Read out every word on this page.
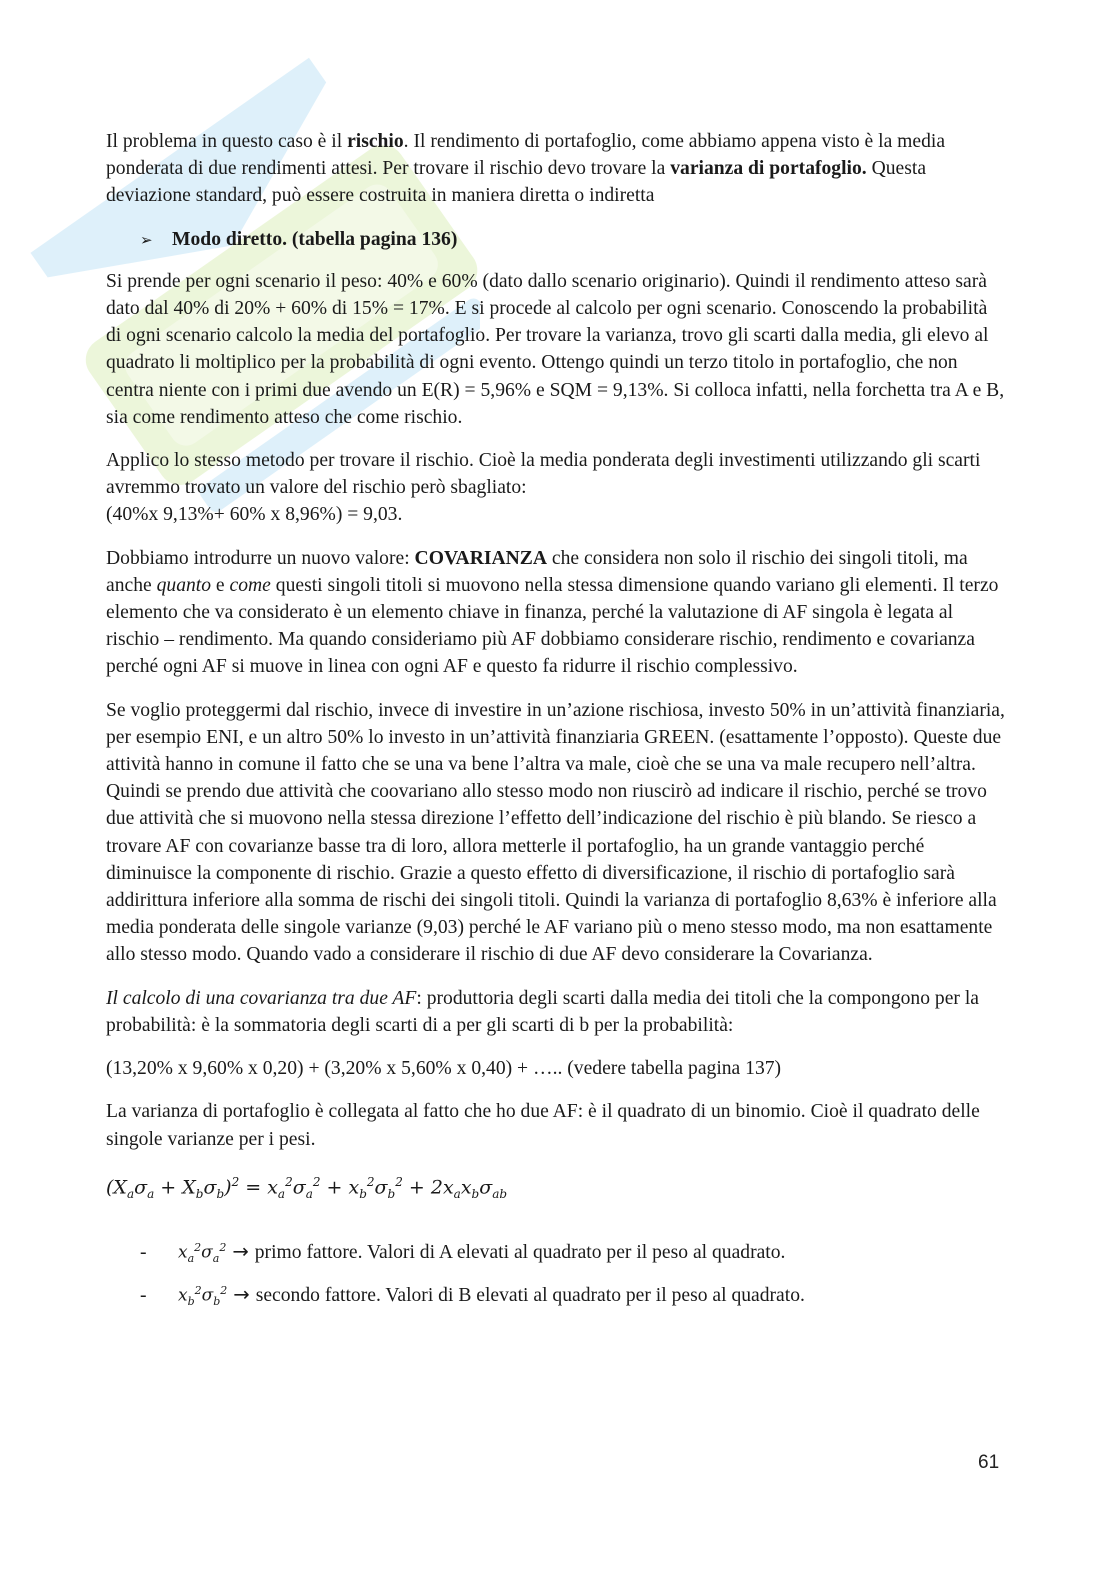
Il problema in questo caso è il rischio. Il rendimento di portafoglio, come abbiamo appena visto è la media ponderata di due rendimenti attesi. Per trovare il rischio devo trovare la varianza di portafoglio. Questa deviazione standard, può essere costruita in maniera diretta o indiretta

➢ Modo diretto. (tabella pagina 136)

Si prende per ogni scenario il peso: 40% e 60% (dato dallo scenario originario). Quindi il rendimento atteso sarà dato dal 40% di 20% + 60% di 15% = 17%. E si procede al calcolo per ogni scenario. Conoscendo la probabilità di ogni scenario calcolo la media del portafoglio. Per trovare la varianza, trovo gli scarti dalla media, gli elevo al quadrato li moltiplico per la probabilità di ogni evento. Ottengo quindi un terzo titolo in portafoglio, che non centra niente con i primi due avendo un E(R) = 5,96% e SQM = 9,13%. Si colloca infatti, nella forchetta tra A e B, sia come rendimento atteso che come rischio.

Applico lo stesso metodo per trovare il rischio. Cioè la media ponderata degli investimenti utilizzando gli scarti avremmo trovato un valore del rischio però sbagliato:
(40%x 9,13%+ 60% x 8,96%) = 9,03.

Dobbiamo introdurre un nuovo valore: COVARIANZA che considera non solo il rischio dei singoli titoli, ma anche quanto e come questi singoli titoli si muovono nella stessa dimensione quando variano gli elementi. Il terzo elemento che va considerato è un elemento chiave in finanza, perché la valutazione di AF singola è legata al rischio – rendimento. Ma quando consideriamo più AF dobbiamo considerare rischio, rendimento e covarianza perché ogni AF si muove in linea con ogni AF e questo fa ridurre il rischio complessivo.

Se voglio proteggermi dal rischio, invece di investire in un’azione rischiosa, investo 50% in un’attività finanziaria, per esempio ENI, e un altro 50% lo investo in un’attività finanziaria GREEN. (esattamente l’opposto). Queste due attività hanno in comune il fatto che se una va bene l’altra va male, cioè che se una va male recupero nell’altra. Quindi se prendo due attività che coovariano allo stesso modo non riuscirò ad indicare il rischio, perché se trovo due attività che si muovono nella stessa direzione l’effetto dell’indicazione del rischio è più blando. Se riesco a trovare AF con covarianze basse tra di loro, allora metterle il portafoglio, ha un grande vantaggio perché diminuisce la componente di rischio. Grazie a questo effetto di diversificazione, il rischio di portafoglio sarà addirittura inferiore alla somma de rischi dei singoli titoli. Quindi la varianza di portafoglio 8,63% è inferiore alla media ponderata delle singole varianze (9,03) perché le AF variano più o meno stesso modo, ma non esattamente allo stesso modo. Quando vado a considerare il rischio di due AF devo considerare la Covarianza.

Il calcolo di una covarianza tra due AF: produttoria degli scarti dalla media dei titoli che la compongono per la probabilità: è la sommatoria degli scarti di a per gli scarti di b per la probabilità:

(13,20% x 9,60% x 0,20) + (3,20% x 5,60% x 0,40) + ….. (vedere tabella pagina 137)

La varianza di portafoglio è collegata al fatto che ho due AF: è il quadrato di un binomio. Cioè il quadrato delle singole varianze per i pesi.

$(X_a\sigma_a + X_b\sigma_b)^2 = x_a^2\sigma_a^2 + x_b^2\sigma_b^2 + 2x_ax_b\sigma_{ab}$
-	$x_a^2\sigma_a^2$ → primo fattore. Valori di A elevati al quadrato per il peso al quadrato.
-	$x_b^2\sigma_b^2$ → secondo fattore. Valori di B elevati al quadrato per il peso al quadrato.
61
